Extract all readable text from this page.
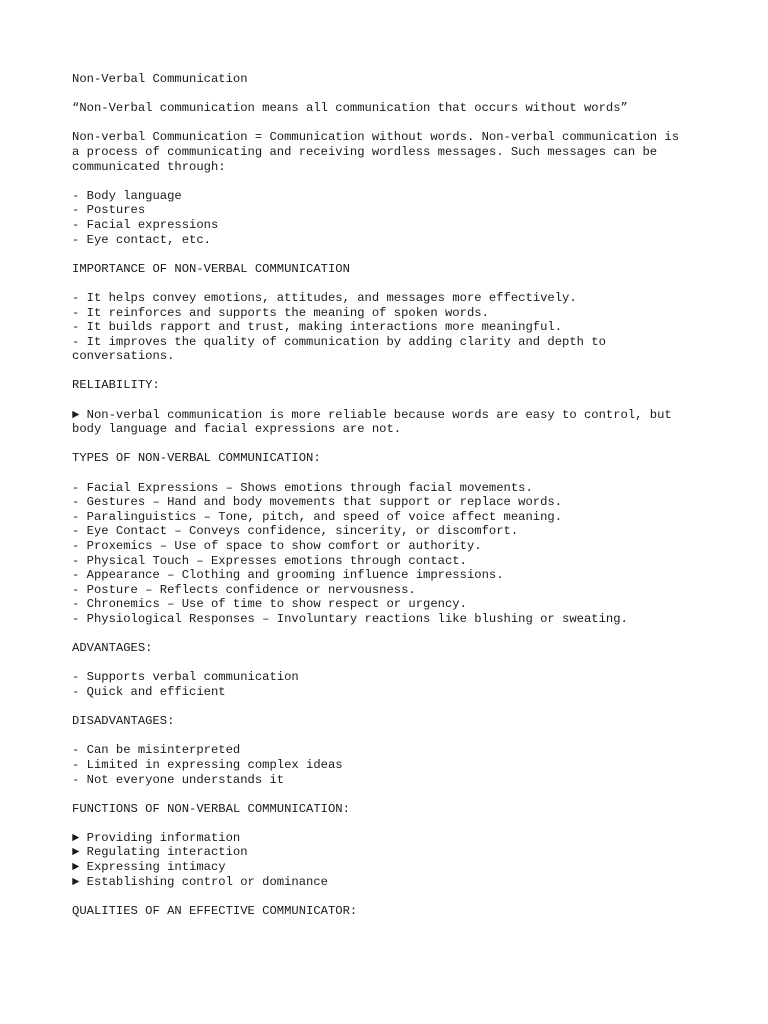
Non-Verbal Communication
“Non-Verbal communication means all communication that occurs without words”
Non-verbal Communication = Communication without words. Non-verbal communication is
a process of communicating and receiving wordless messages. Such messages can be
communicated through:
- Body language
- Postures
- Facial expressions
- Eye contact, etc.
IMPORTANCE OF NON-VERBAL COMMUNICATION
- It helps convey emotions, attitudes, and messages more effectively.
- It reinforces and supports the meaning of spoken words.
- It builds rapport and trust, making interactions more meaningful.
- It improves the quality of communication by adding clarity and depth to
conversations.
RELIABILITY:
► Non-verbal communication is more reliable because words are easy to control, but
body language and facial expressions are not.
TYPES OF NON-VERBAL COMMUNICATION:
- Facial Expressions – Shows emotions through facial movements.
- Gestures – Hand and body movements that support or replace words.
- Paralinguistics – Tone, pitch, and speed of voice affect meaning.
- Eye Contact – Conveys confidence, sincerity, or discomfort.
- Proxemics – Use of space to show comfort or authority.
- Physical Touch – Expresses emotions through contact.
- Appearance – Clothing and grooming influence impressions.
- Posture – Reflects confidence or nervousness.
- Chronemics – Use of time to show respect or urgency.
- Physiological Responses – Involuntary reactions like blushing or sweating.
ADVANTAGES:
- Supports verbal communication
- Quick and efficient
DISADVANTAGES:
- Can be misinterpreted
- Limited in expressing complex ideas
- Not everyone understands it
FUNCTIONS OF NON-VERBAL COMMUNICATION:
► Providing information
► Regulating interaction
► Expressing intimacy
► Establishing control or dominance
QUALITIES OF AN EFFECTIVE COMMUNICATOR:
